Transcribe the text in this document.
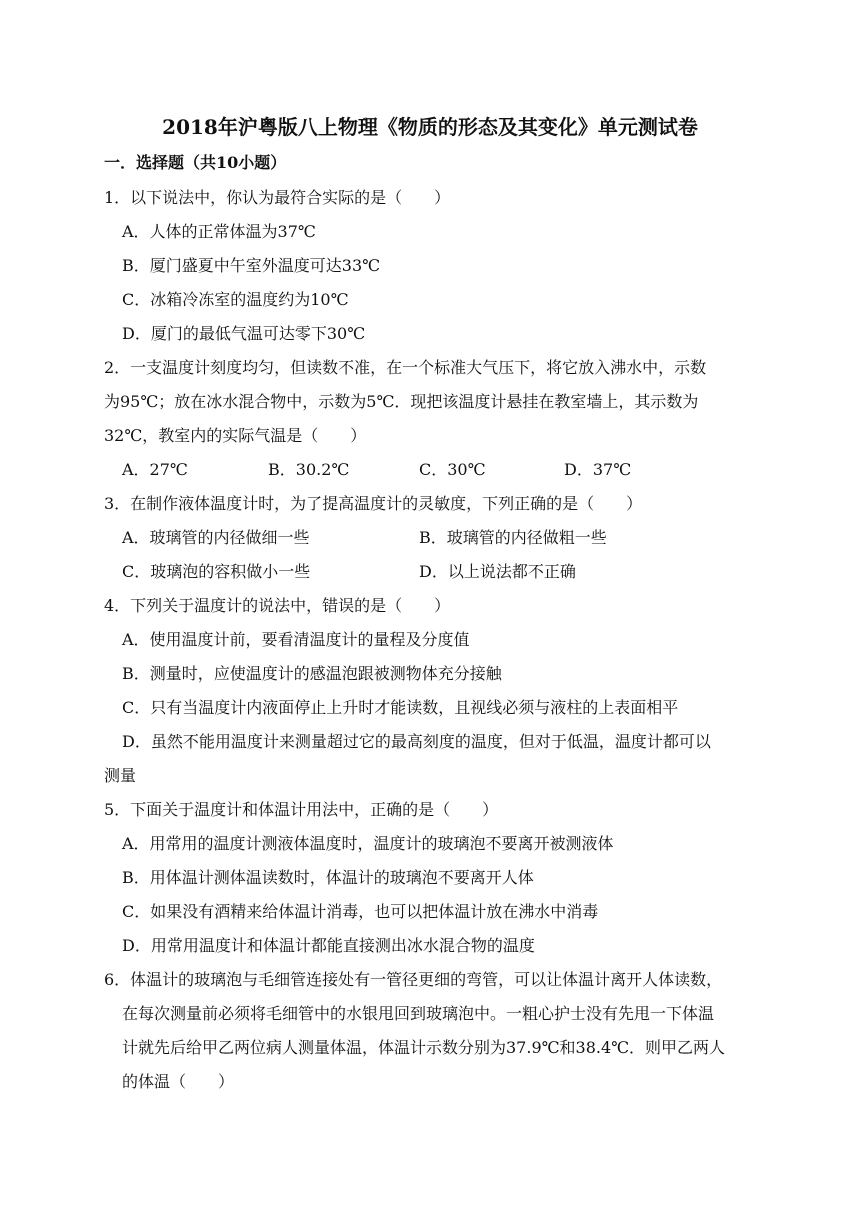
2018年沪粤版八上物理《物质的形态及其变化》单元测试卷
一．选择题（共10小题）
1．以下说法中，你认为最符合实际的是（　　）
A．人体的正常体温为37℃
B．厦门盛夏中午室外温度可达33℃
C．冰箱冷冻室的温度约为10℃
D．厦门的最低气温可达零下30℃
2．一支温度计刻度均匀，但读数不准，在一个标准大气压下，将它放入沸水中，示数
为95℃；放在冰水混合物中，示数为5℃．现把该温度计悬挂在教室墙上，其示数为
32℃，教室内的实际气温是（　　）
A．27℃	B．30.2℃	C．30℃	D．37℃
3．在制作液体温度计时，为了提高温度计的灵敏度，下列正确的是（　　）
A．玻璃管的内径做细一些	B．玻璃管的内径做粗一些
C．玻璃泡的容积做小一些	D．以上说法都不正确
4．下列关于温度计的说法中，错误的是（　　）
A．使用温度计前，要看清温度计的量程及分度值
B．测量时，应使温度计的感温泡跟被测物体充分接触
C．只有当温度计内液面停止上升时才能读数，且视线必须与液柱的上表面相平
D．虽然不能用温度计来测量超过它的最高刻度的温度，但对于低温，温度计都可以
测量
5．下面关于温度计和体温计用法中，正确的是（　　）
A．用常用的温度计测液体温度时，温度计的玻璃泡不要离开被测液体
B．用体温计测体温读数时，体温计的玻璃泡不要离开人体
C．如果没有酒精来给体温计消毒，也可以把体温计放在沸水中消毒
D．用常用温度计和体温计都能直接测出冰水混合物的温度
6．体温计的玻璃泡与毛细管连接处有一管径更细的弯管，可以让体温计离开人体读数，
在每次测量前必须将毛细管中的水银甩回到玻璃泡中。一粗心护士没有先甩一下体温
计就先后给甲乙两位病人测量体温，体温计示数分别为37.9℃和38.4℃．则甲乙两人
的体温（　　）
